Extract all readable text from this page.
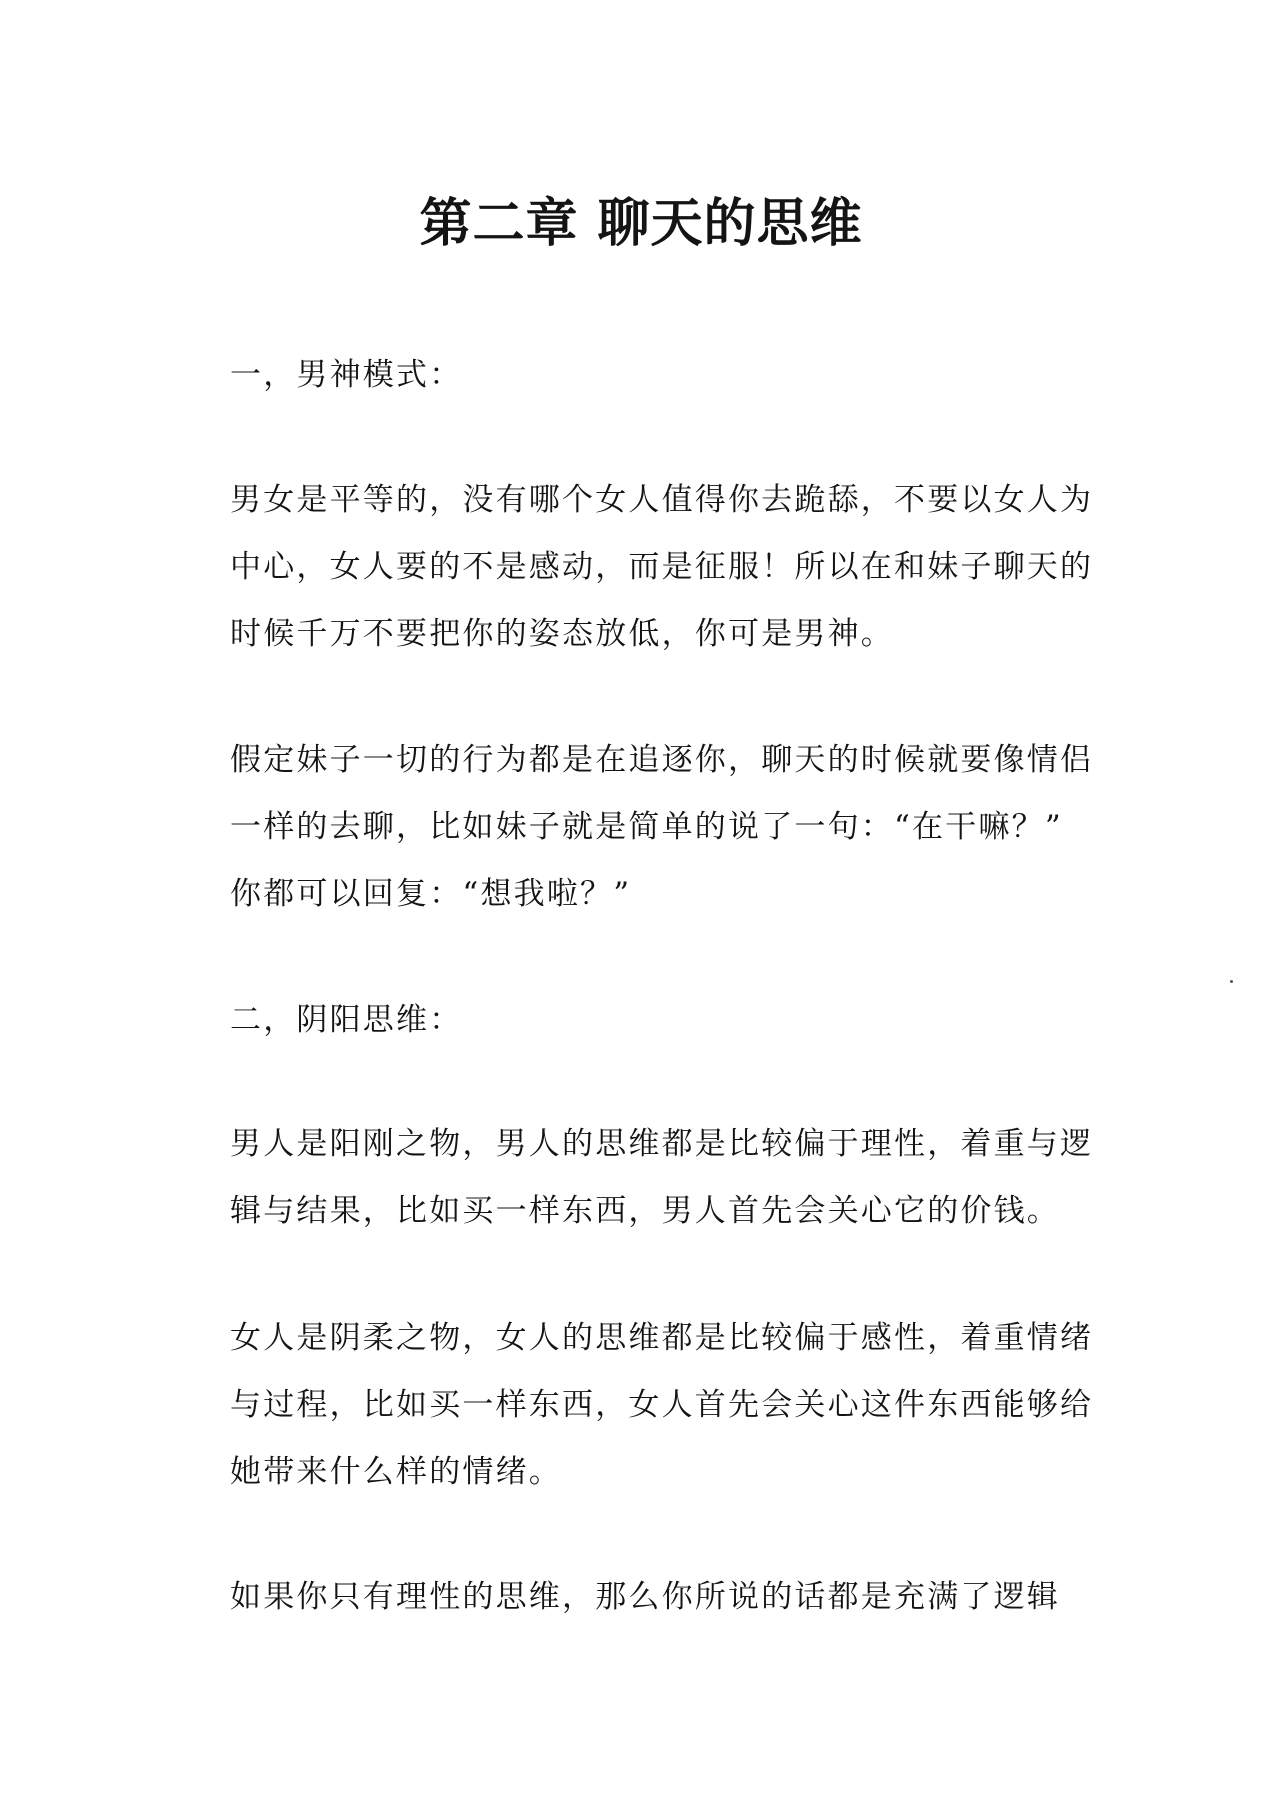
第二章 聊天的思维
一，男神模式：
男女是平等的，没有哪个女人值得你去跪舔，不要以女人为
中心，女人要的不是感动，而是征服！所以在和妹子聊天的
时候千万不要把你的姿态放低，你可是男神。
假定妹子一切的行为都是在追逐你，聊天的时候就要像情侣
一样的去聊，比如妹子就是简单的说了一句：“在干嘛？”
你都可以回复：“想我啦？”
二，阴阳思维：
男人是阳刚之物，男人的思维都是比较偏于理性，着重与逻
辑与结果，比如买一样东西，男人首先会关心它的价钱。
女人是阴柔之物，女人的思维都是比较偏于感性，着重情绪
与过程，比如买一样东西，女人首先会关心这件东西能够给
她带来什么样的情绪。
如果你只有理性的思维，那么你所说的话都是充满了逻辑
